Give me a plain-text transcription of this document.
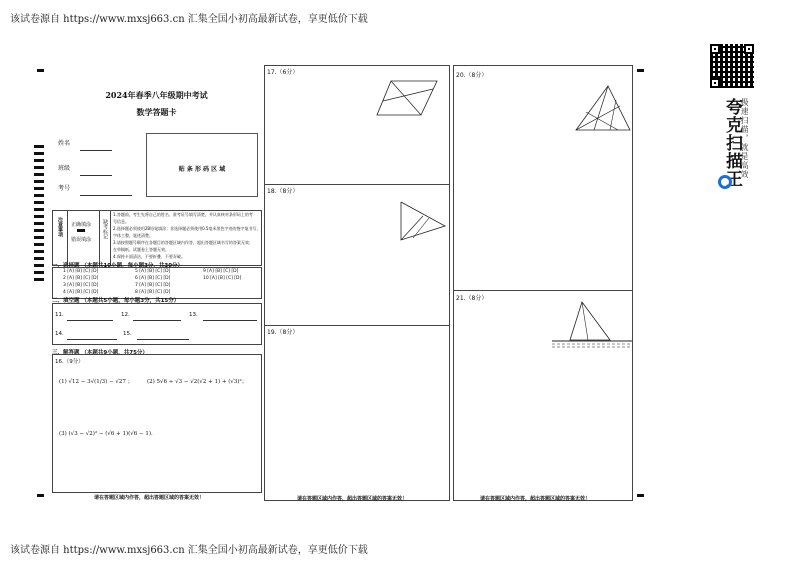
该试卷源自 https://www.mxsj663.cn 汇集全国小初高最新试卷，享更低价下载
该试卷源自 https://www.mxsj663.cn 汇集全国小初高最新试卷，享更低价下载
2024年春季八年级期中考试
数学答题卡
姓名
班级
考号
贴 条 形 码 区 域
注意事项 正确填涂
错误填涂
缺考标记
1.答题前，考生先将自己的姓名、准考证号填写清楚，并认真核对条形码上的考
号信息。
2.选择题必须使用2B铅笔填涂；非选择题必须使用0.5毫米黑色字迹的签字笔书写，
字体工整，笔迹清楚。
3.请按照题号顺序在各题目的答题区域内作答，超出答题区域书写的答案无效；
在草稿纸、试题卷上答题无效。
4.保持卡面清洁，不要折叠、不要弄破。
一、选择题 （本题共10小题，每小题3分，共30分）
1 [A] [B] [C] [D]	5 [A] [B] [C] [D]	9 [A] [B] [C] [D]
2 [A] [B] [C] [D]	6 [A] [B] [C] [D]	10 [A] [B] [C] [D]
3 [A] [B] [C] [D]	7 [A] [B] [C] [D]
4 [A] [B] [C] [D]	8 [A] [B] [C] [D]
二、填空题 （本题共5小题，每小题3分，共15分）
11.	12.	13.
14.	15.
三、解答题 （本题共9小题，共75分）
16.（9分）
(1) √12 − 3√(1/3) − √27 ；	(2) 5√6 ÷ √3 − √2(√2 + 1) + (√3)²；
(3) (√3 − √2)² − (√6 + 1)(√6 − 1).
请在答题区域内作答，超出答题区域的答案无效！
17.（6分）
18.（8分）
19.（8分）
请在答题区域内作答，超出答题区域的答案无效！
20.（8分）
21.（8分）
请在答题区域内作答，超出答题区域的答案无效！
夸克扫描王
极速扫描，就是高效
